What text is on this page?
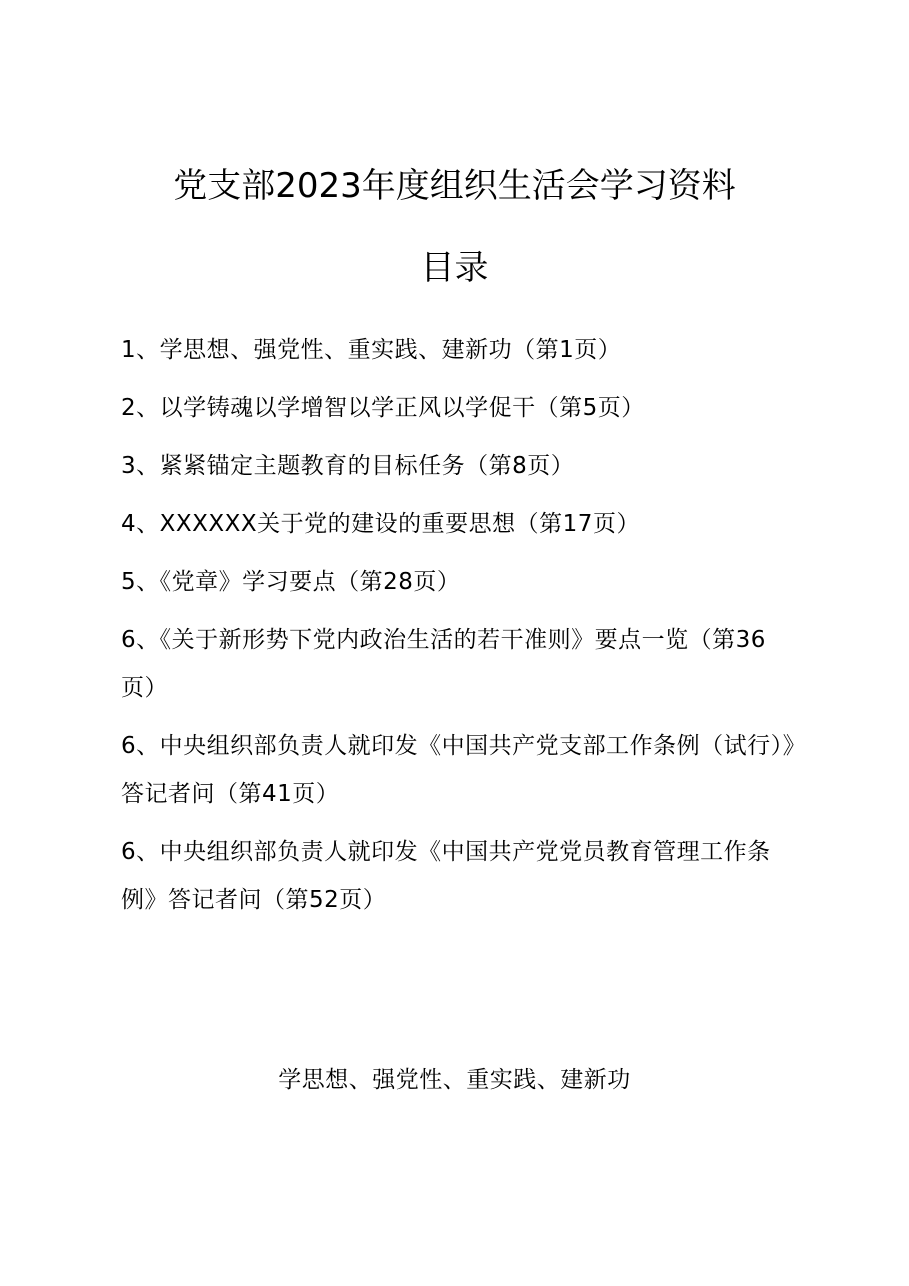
党支部2023年度组织生活会学习资料
目录
1、学思想、强党性、重实践、建新功（第1页）
2、以学铸魂以学增智以学正风以学促干（第5页）
3、紧紧锚定主题教育的目标任务（第8页）
4、XXXXXX关于党的建设的重要思想（第17页）
5、《党章》学习要点（第28页）
6、《关于新形势下党内政治生活的若干准则》要点一览（第36页）
6、中央组织部负责人就印发《中国共产党支部工作条例（试行）》答记者问（第41页）
6、中央组织部负责人就印发《中国共产党党员教育管理工作条例》答记者问（第52页）
学思想、强党性、重实践、建新功
